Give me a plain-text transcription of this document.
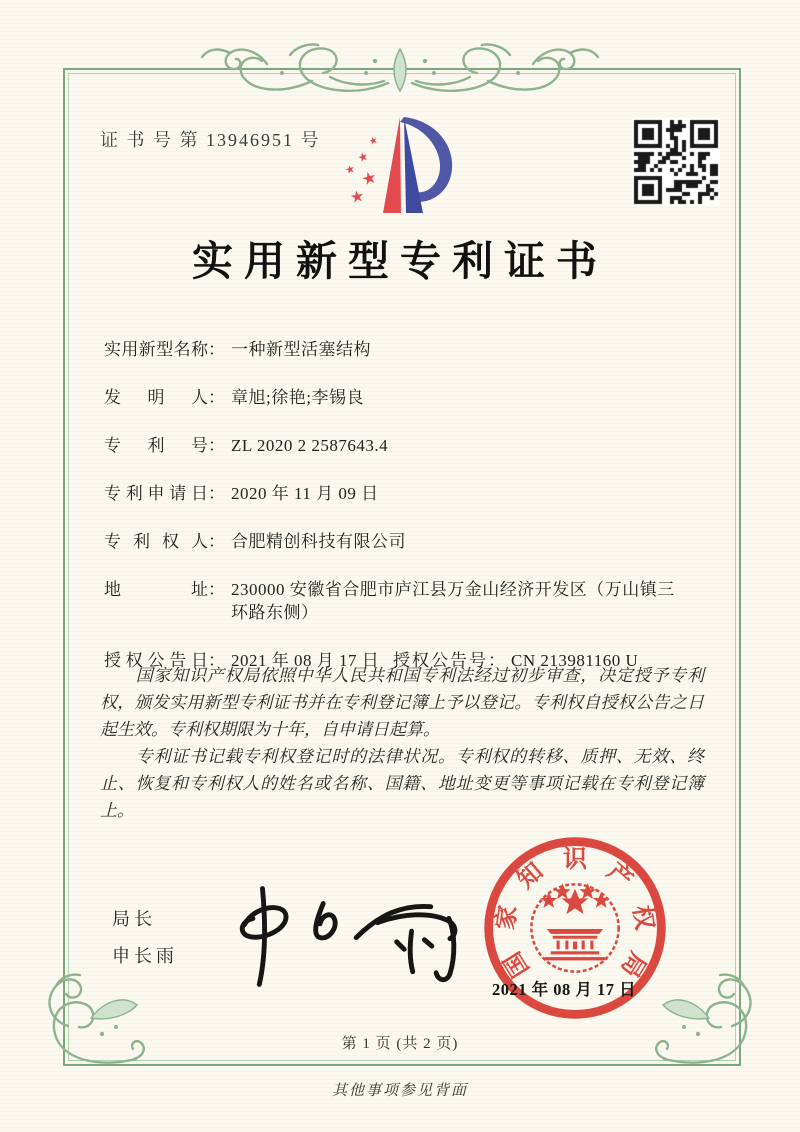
证 书 号 第 13946951 号	★
★
★ ★
★
实用新型专利证书
实用新型名称 ： 一种新型活塞结构
发明人 ： 章旭;徐艳;李锡良
专利号 ： ZL 2020 2 2587643.4
专利申请日 ： 2020 年 11 月 09 日
专利权人 ： 合肥精创科技有限公司
地址 ： 230000 安徽省合肥市庐江县万金山经济开发区（万山镇三环路东侧）
授权公告日 ： 2021 年 08 月 17 日 授权公告号 ： CN 213981160 U

国家知识产权局依照中华人民共和国专利法经过初步审查，决定授予专利权，颁发实用新型专利证书并在专利登记簿上予以登记。专利权自授权公告之日起生效。专利权期限为十年，自申请日起算。

专利证书记载专利权登记时的法律状况。专利权的转移、质押、无效、终止、恢复和专利权人的姓名或名称、国籍、地址变更等事项记载在专利登记簿上。

局长
申长雨	国
家
知 识 产
权
局
2021 年 08 月 17 日
第 1 页 (共 2 页)
其他事项参见背面
